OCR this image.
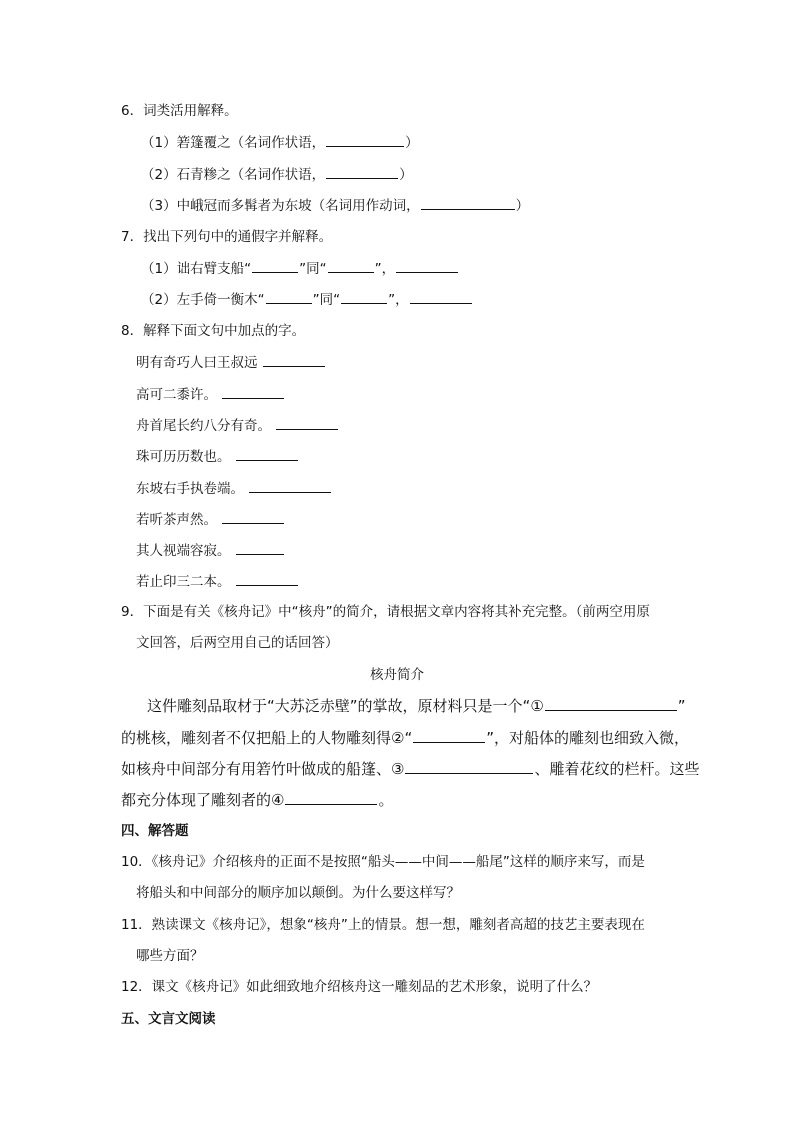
6．词类活用解释。
（1）箬篷覆之（名词作状语，	）
（2）石青糁之（名词作状语，	）
（3）中峨冠而多髯者为东坡（名词用作动词，	）
7．找出下列句中的通假字并解释。
（1）诎右臂支船“	”同“	”，
（2）左手倚一衡木“	”同“	”，
8．解释下面文句中加点的字。
明有奇巧人曰王叔远
高可二黍许。
舟首尾长约八分有奇。
珠可历历数也。
东坡右手执卷端。
若听茶声然。
其人视端容寂。
若止印三二本。
9．下面是有关《核舟记》中“核舟”的简介，请根据文章内容将其补充完整。（前两空用原
文回答，后两空用自己的话回答）
核舟简介
这件雕刻品取材于“大苏泛赤壁”的掌故，原材料只是一个“①	”
的桃核，雕刻者不仅把船上的人物雕刻得②“	”，对船体的雕刻也细致入微，
如核舟中间部分有用箬竹叶做成的船篷、③	、雕着花纹的栏杆。这些
都充分体现了雕刻者的④	。
四、解答题
10．《核舟记》介绍核舟的正面不是按照“船头——中间——船尾”这样的顺序来写，而是
将船头和中间部分的顺序加以颠倒。为什么要这样写？
11．熟读课文《核舟记》，想象“核舟”上的情景。想一想，雕刻者高超的技艺主要表现在
哪些方面？
12．课文《核舟记》如此细致地介绍核舟这一雕刻品的艺术形象，说明了什么？
五、文言文阅读
